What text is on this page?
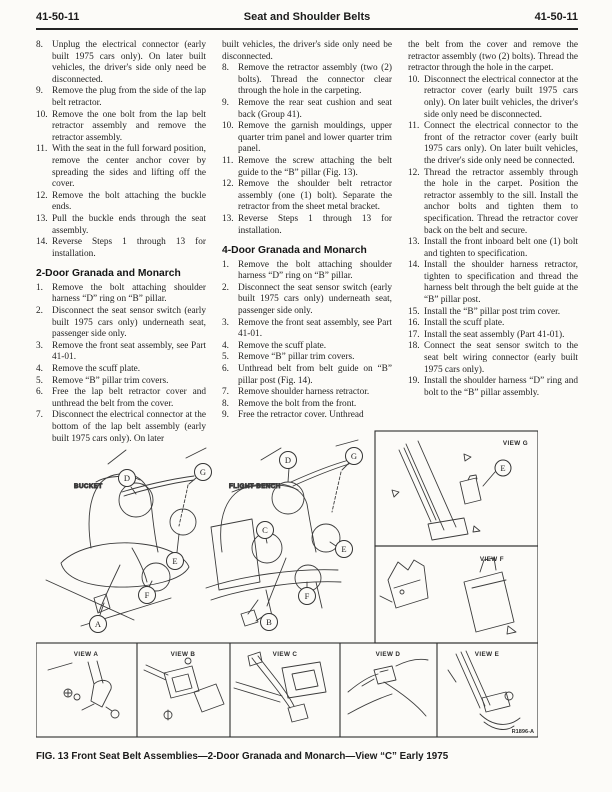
41-50-11	Seat and Shoulder Belts	41-50-11
8. Unplug the electrical connector (early built 1975 cars only). On later built vehicles, the driver's side only need be disconnected.
9. Remove the plug from the side of the lap belt retractor.
10. Remove the one bolt from the lap belt retractor assembly and remove the retractor assembly.
11. With the seat in the full forward position, remove the center anchor cover by spreading the sides and lifting off the cover.
12. Remove the bolt attaching the buckle ends.
13. Pull the buckle ends through the seat assembly.
14. Reverse Steps 1 through 13 for installation.
2-Door Granada and Monarch
1. Remove the bolt attaching shoulder harness “D” ring on “B” pillar.
2. Disconnect the seat sensor switch (early built 1975 cars only) underneath seat, passenger side only.
3. Remove the front seat assembly, see Part 41-01.
4. Remove the scuff plate.
5. Remove “B” pillar trim covers.
6. Free the lap belt retractor cover and unthread the belt from the cover.
7. Disconnect the electrical connector at the bottom of the lap belt assembly (early built 1975 cars only). On later
built vehicles, the driver's side only need be disconnected.
8. Remove the retractor assembly (two (2) bolts). Thread the connector clear through the hole in the carpeting.
9. Remove the rear seat cushion and seat back (Group 41).
10. Remove the garnish mouldings, upper quarter trim panel and lower quarter trim panel.
11. Remove the screw attaching the belt guide to the “B” pillar (Fig. 13).
12. Remove the shoulder belt retractor assembly (one (1) bolt). Separate the retractor from the sheet metal bracket.
13. Reverse Steps 1 through 13 for installation.
4-Door Granada and Monarch
1. Remove the bolt attaching shoulder harness “D” ring on “B” pillar.
2. Disconnect the seat sensor switch (early built 1975 cars only) underneath seat, passenger side only.
3. Remove the front seat assembly, see Part 41-01.
4. Remove the scuff plate.
5. Remove “B” pillar trim covers.
6. Unthread belt from belt guide on “B” pillar post (Fig. 14).
7. Remove shoulder harness retractor.
8. Remove the bolt from the front.
9. Free the retractor cover. Unthread
the belt from the cover and remove the retractor assembly (two (2) bolts). Thread the retractor through the hole in the carpet.
10. Disconnect the electrical connector at the retractor cover (early built 1975 cars only). On later built vehicles, the driver's side only need be disconnected.
11. Connect the electrical connector to the front of the retractor cover (early built 1975 cars only). On later built vehicles, the driver's side only need be connected.
12. Thread the retractor assembly through the hole in the carpet. Position the retractor assembly to the sill. Install the anchor bolts and tighten them to specification. Thread the retractor cover back on the belt and secure.
13. Install the front inboard belt one (1) bolt and tighten to specification.
14. Install the shoulder harness retractor, tighten to specification and thread the harness belt through the belt guide at the “B” pillar post.
15. Install the “B” pillar post trim cover.
16. Install the scuff plate.
17. Install the seat assembly (Part 41-01).
18. Connect the seat sensor switch to the seat belt wiring connector (early built 1975 cars only).
19. Install the shoulder harness “D” ring and bolt to the “B” pillar assembly.
BUCKET
D
G
E
F
A
FLIGHT BENCH
D	G
C
E
F
B
VIEW G
E
VIEW F
VIEW A	VIEW B	VIEW C	VIEW D	VIEW E
R1896-A
FIG. 13 Front Seat Belt Assemblies—2-Door Granada and Monarch—View “C” Early 1975
